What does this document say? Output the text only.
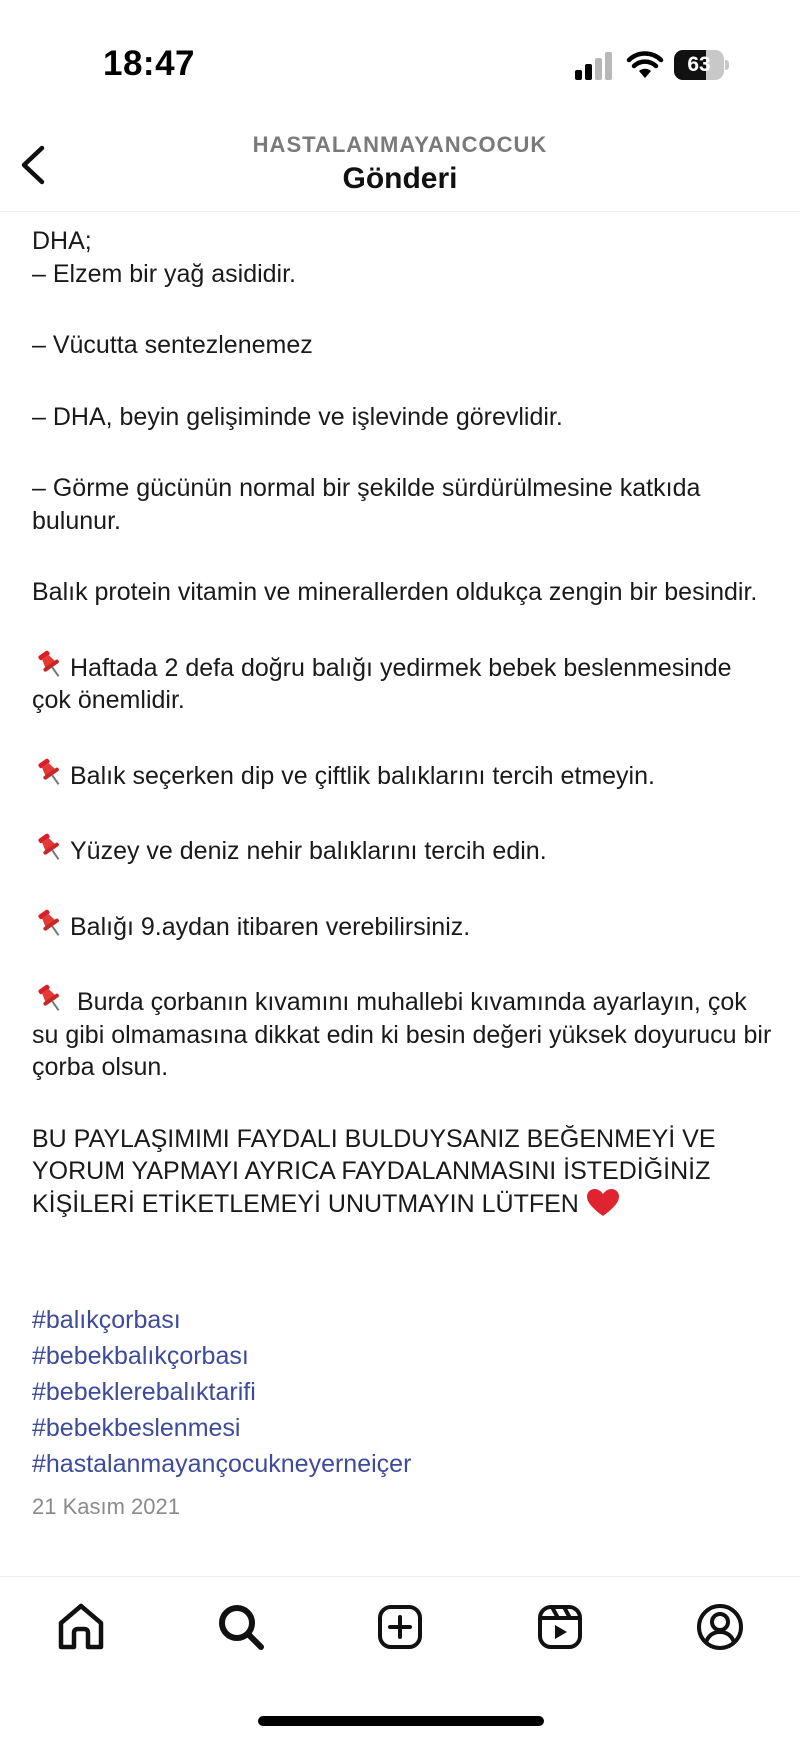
18:47	63
HASTALANMAYANCOCUK
Gönderi
DHA;
– Elzem bir yağ asididir.
– Vücutta sentezlenemez
– DHA, beyin gelişiminde ve işlevinde görevlidir.
– Görme gücünün normal bir şekilde sürdürülmesine katkıda bulunur.
Balık protein vitamin ve minerallerden oldukça zengin bir besindir.
Haftada 2 defa doğru balığı yedirmek bebek beslenmesinde çok önemlidir.
Balık seçerken dip ve çiftlik balıklarını tercih etmeyin.
Yüzey ve deniz nehir balıklarını tercih edin.
Balığı 9.aydan itibaren verebilirsiniz.
Burda çorbanın kıvamını muhallebi kıvamında ayarlayın, çok su gibi olmamasına dikkat edin ki besin değeri yüksek doyurucu bir çorba olsun.
BU PAYLAŞIMIMI FAYDALI BULDUYSANIZ BEĞENMEYİ VE YORUM YAPMAYI AYRICA FAYDALANMASINI İSTEDİĞİNİZ KİŞİLERİ ETİKETLEMEYİ UNUTMAYIN LÜTFEN
#balıkçorbası
#bebekbalıkçorbası
#bebeklerebalıktarifi
#bebekbeslenmesi
#hastalanmayançocukneyerneiçer
21 Kasım 2021
